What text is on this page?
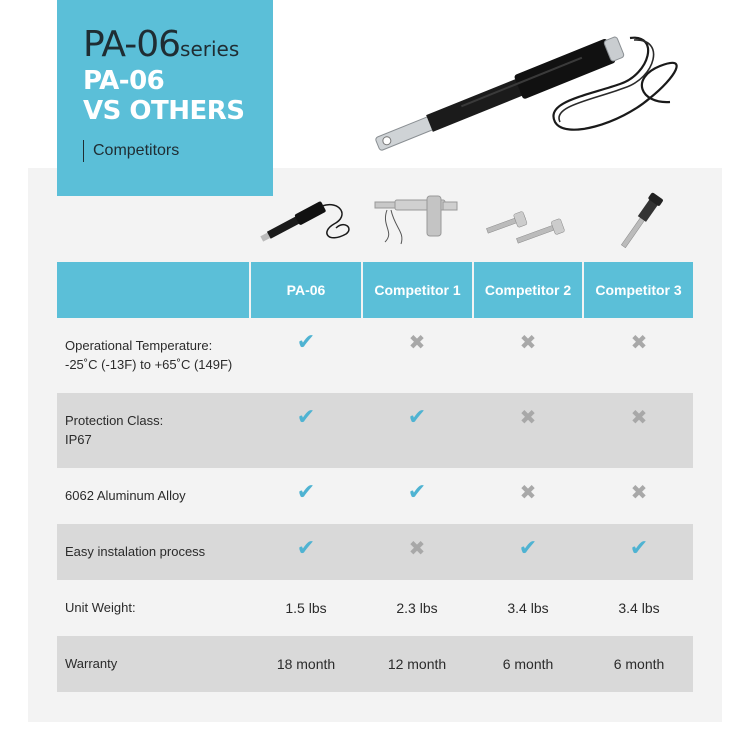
PA-06series
PA-06
VS OTHERS
Competitors
PA-06	Competitor 1	Competitor 2	Competitor 3
Operational Temperature:
-25˚C (-13F) to +65˚C (149F)
✔	✖	✖	✖
Protection Class:
IP67
✔	✔	✖	✖
6062 Aluminum Alloy	✔	✔	✖	✖
Easy instalation process	✔	✖	✔	✔
Unit Weight:	1.5 lbs	2.3 lbs	3.4 lbs	3.4 lbs
Warranty	18 month	12 month	6 month	6 month
